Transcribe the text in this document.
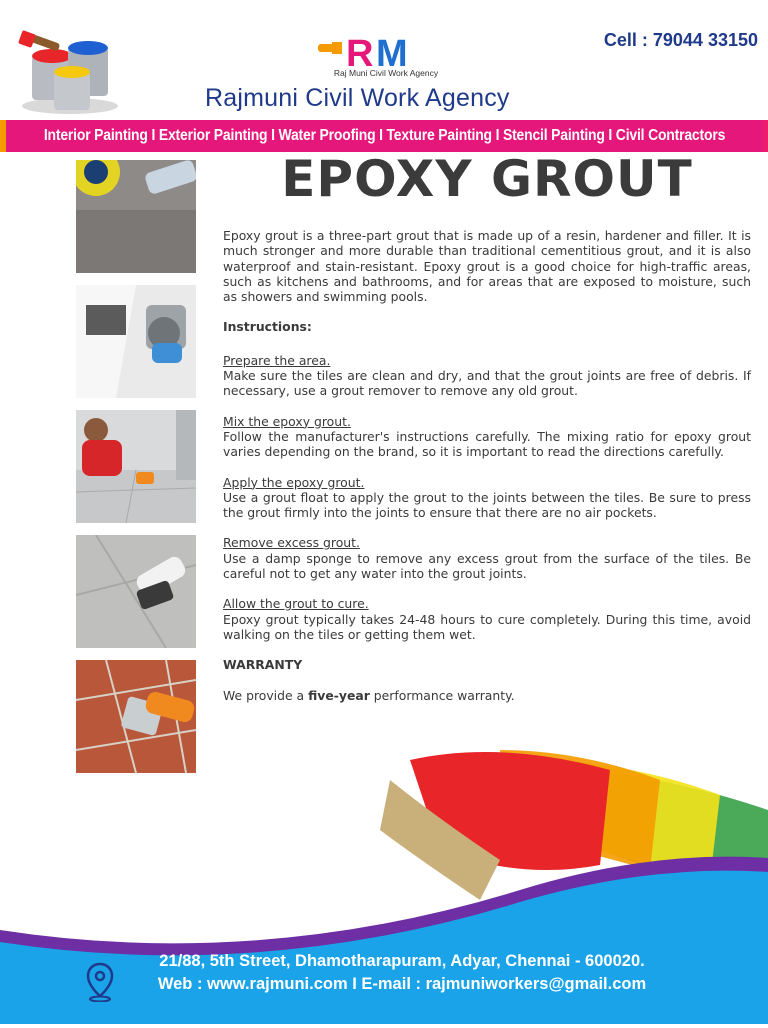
R M
Raj Muni Civil Work Agency
Cell : 79044 33150
Rajmuni Civil Work Agency
Interior Painting I Exterior Painting I Water Proofing I Texture Painting I Stencil Painting I Civil Contractors
EPOXY GROUT

Epoxy grout is a three-part grout that is made up of a resin, hardener and filler. It is much stronger and more durable than traditional cementitious grout, and it is also waterproof and stain-resistant. Epoxy grout is a good choice for high-traffic areas, such as kitchens and bathrooms, and for areas that are exposed to moisture, such as showers and swimming pools.

Instructions:

Prepare the area.

Make sure the tiles are clean and dry, and that the grout joints are free of debris. If necessary, use a grout remover to remove any old grout.

Mix the epoxy grout.

Follow the manufacturer's instructions carefully. The mixing ratio for epoxy grout varies depending on the brand, so it is important to read the directions carefully.

Apply the epoxy grout.

Use a grout float to apply the grout to the joints between the tiles. Be sure to press the grout firmly into the joints to ensure that there are no air pockets.

Remove excess grout.

Use a damp sponge to remove any excess grout from the surface of the tiles. Be careful not to get any water into the grout joints.

Allow the grout to cure.

Epoxy grout typically takes 24-48 hours to cure completely. During this time, avoid walking on the tiles or getting them wet.

WARRANTY

We provide a five-year performance warranty.

21/88, 5th Street, Dhamotharapuram, Adyar, Chennai - 600020.
Web : www.rajmuni.com I E-mail : rajmuniworkers@gmail.com
